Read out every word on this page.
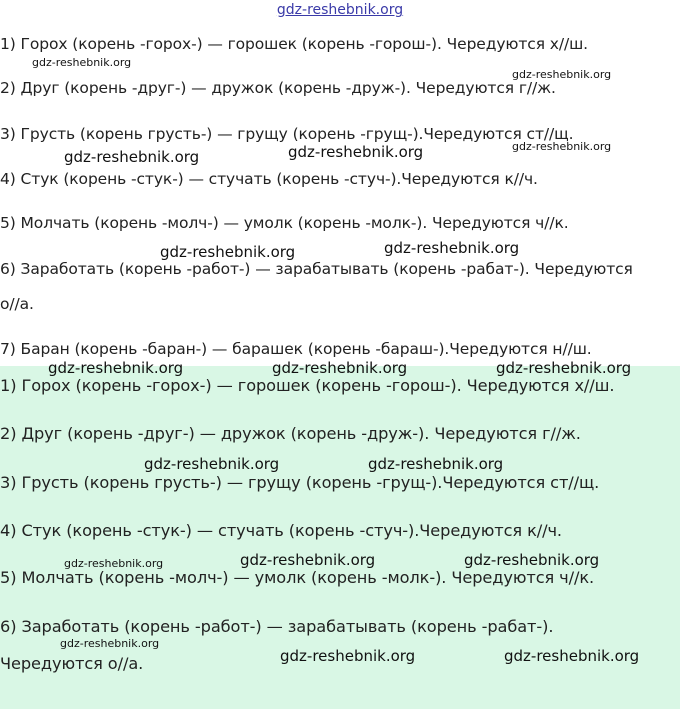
gdz-reshebnik.org
1) Горох (корень -горох-) — горошек (корень -горош-). Чередуются х//ш.
2) Друг (корень -друг-) — дружок (корень -друж-). Чередуются г//ж.
3) Грусть (корень грусть-) — грущу (корень -грущ-).Чередуются ст//щ.
4) Стук (корень -стук-) — стучать (корень -стуч-).Чередуются к//ч.
5) Молчать (корень -молч-) — умолк (корень -молк-). Чередуются ч//к.
6) Заработать (корень -работ-) — зарабатывать (корень -рабат-). Чередуются
о//а.
7) Баран (корень -баран-) — барашек (корень -бараш-).Чередуются н//ш.
1) Горох (корень -горох-) — горошек (корень -горош-). Чередуются х//ш.
2) Друг (корень -друг-) — дружок (корень -друж-). Чередуются г//ж.
3) Грусть (корень грусть-) — грущу (корень -грущ-).Чередуются ст//щ.
4) Стук (корень -стук-) — стучать (корень -стуч-).Чередуются к//ч.
5) Молчать (корень -молч-) — умолк (корень -молк-). Чередуются ч//к.
6) Заработать (корень -работ-) — зарабатывать (корень -рабат-).
Чередуются о//а.
gdz-reshebnik.org
gdz-reshebnik.org
gdz-reshebnik.org
gdz-reshebnik.org	gdz-reshebnik.org
gdz-reshebnik.org	gdz-reshebnik.org
gdz-reshebnik.org	gdz-reshebnik.org	gdz-reshebnik.org
gdz-reshebnik.org	gdz-reshebnik.org
gdz-reshebnik.org	gdz-reshebnik.org	gdz-reshebnik.org
gdz-reshebnik.org
gdz-reshebnik.org	gdz-reshebnik.org
